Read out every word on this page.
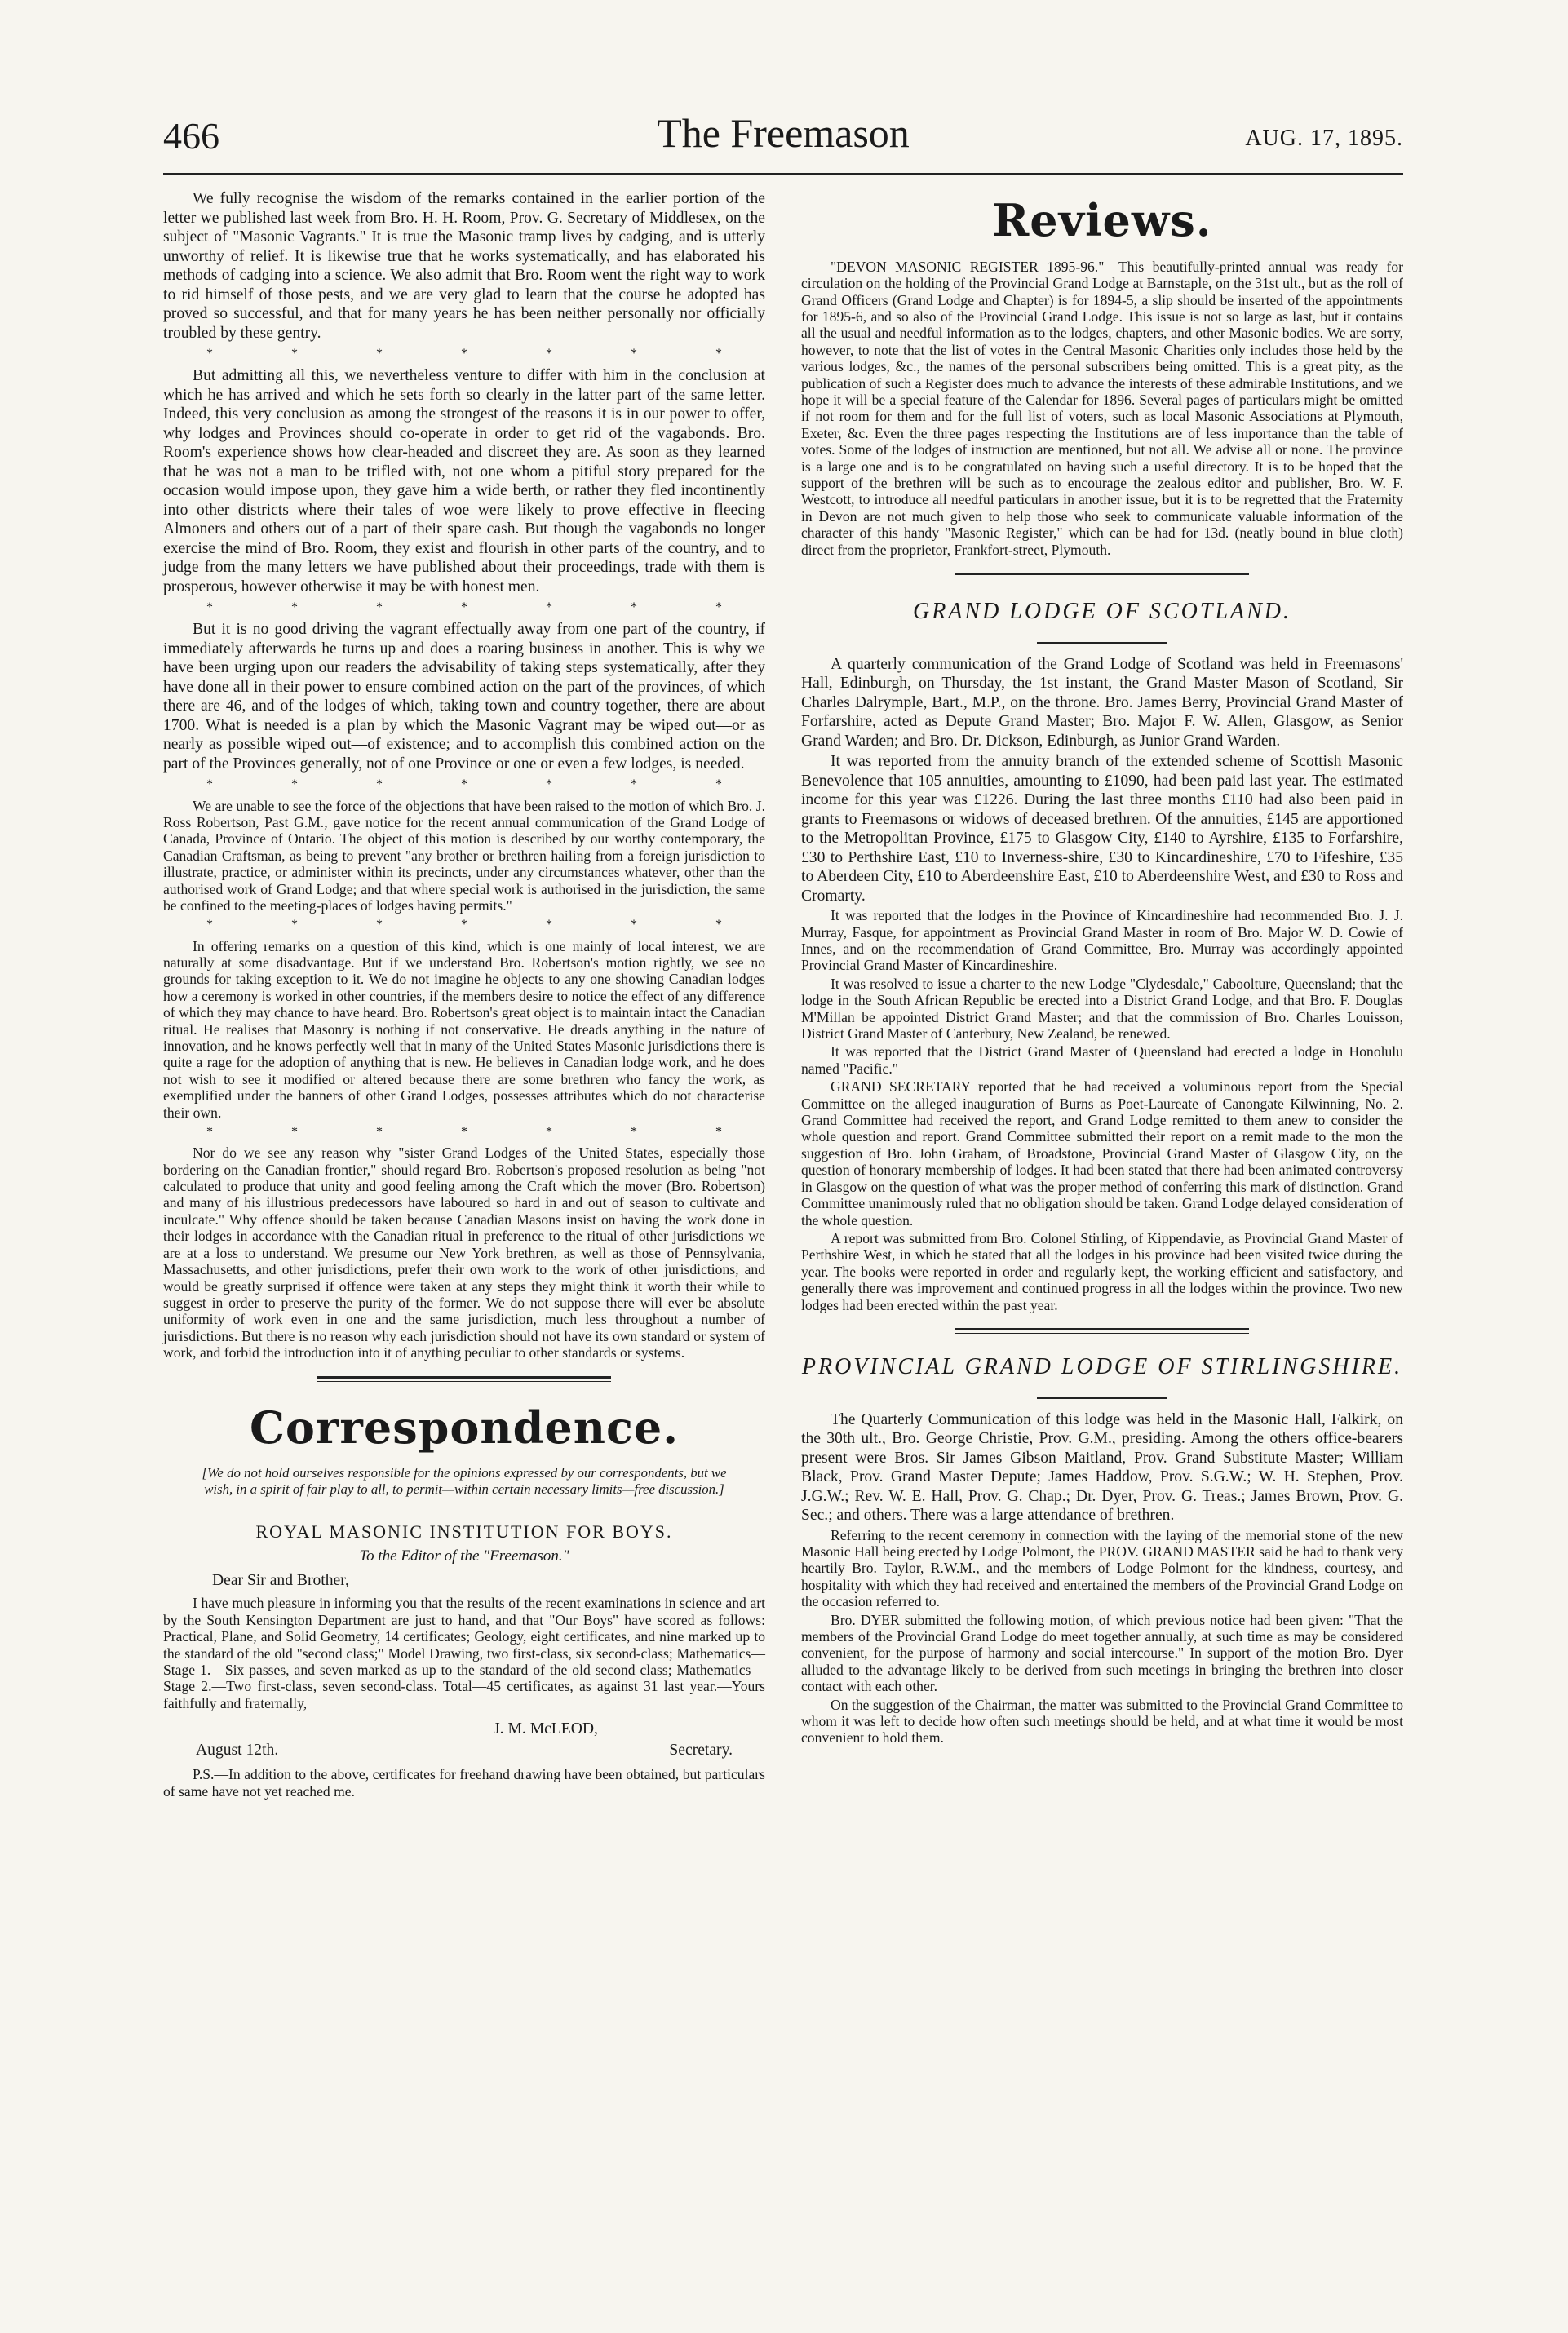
466	The Freemason	AUG. 17, 1895.

We fully recognise the wisdom of the remarks contained in the earlier portion of the letter we published last week from Bro. H. H. Room, Prov. G. Secretary of Middlesex, on the subject of "Masonic Vagrants." It is true the Masonic tramp lives by cadging, and is utterly unworthy of relief. It is likewise true that he works systematically, and has elaborated his methods of cadging into a science. We also admit that Bro. Room went the right way to work to rid himself of those pests, and we are very glad to learn that the course he adopted has proved so successful, and that for many years he has been neither personally nor officially troubled by these gentry.

* * * * * * *

But admitting all this, we nevertheless venture to differ with him in the conclusion at which he has arrived and which he sets forth so clearly in the latter part of the same letter. Indeed, this very conclusion as among the strongest of the reasons it is in our power to offer, why lodges and Provinces should co-operate in order to get rid of the vagabonds. Bro. Room's experience shows how clear-headed and discreet they are. As soon as they learned that he was not a man to be trifled with, not one whom a pitiful story prepared for the occasion would impose upon, they gave him a wide berth, or rather they fled incontinently into other districts where their tales of woe were likely to prove effective in fleecing Almoners and others out of a part of their spare cash. But though the vagabonds no longer exercise the mind of Bro. Room, they exist and flourish in other parts of the country, and to judge from the many letters we have published about their proceedings, trade with them is prosperous, however otherwise it may be with honest men.

* * * * * * *

But it is no good driving the vagrant effectually away from one part of the country, if immediately afterwards he turns up and does a roaring business in another. This is why we have been urging upon our readers the advisability of taking steps systematically, after they have done all in their power to ensure combined action on the part of the provinces, of which there are 46, and of the lodges of which, taking town and country together, there are about 1700. What is needed is a plan by which the Masonic Vagrant may be wiped out—or as nearly as possible wiped out—of existence; and to accomplish this combined action on the part of the Provinces generally, not of one Province or one or even a few lodges, is needed.

* * * * * * *

We are unable to see the force of the objections that have been raised to the motion of which Bro. J. Ross Robertson, Past G.M., gave notice for the recent annual communication of the Grand Lodge of Canada, Province of Ontario. The object of this motion is described by our worthy contemporary, the Canadian Craftsman, as being to prevent "any brother or brethren hailing from a foreign jurisdiction to illustrate, practice, or administer within its precincts, under any circumstances whatever, other than the authorised work of Grand Lodge; and that where special work is authorised in the jurisdiction, the same be confined to the meeting-places of lodges having permits."

* * * * * * *

In offering remarks on a question of this kind, which is one mainly of local interest, we are naturally at some disadvantage. But if we understand Bro. Robertson's motion rightly, we see no grounds for taking exception to it. We do not imagine he objects to any one showing Canadian lodges how a ceremony is worked in other countries, if the members desire to notice the effect of any difference of which they may chance to have heard. Bro. Robertson's great object is to maintain intact the Canadian ritual. He realises that Masonry is nothing if not conservative. He dreads anything in the nature of innovation, and he knows perfectly well that in many of the United States Masonic jurisdictions there is quite a rage for the adoption of anything that is new. He believes in Canadian lodge work, and he does not wish to see it modified or altered because there are some brethren who fancy the work, as exemplified under the banners of other Grand Lodges, possesses attributes which do not characterise their own.

* * * * * * *

Nor do we see any reason why "sister Grand Lodges of the United States, especially those bordering on the Canadian frontier," should regard Bro. Robertson's proposed resolution as being "not calculated to produce that unity and good feeling among the Craft which the mover (Bro. Robertson) and many of his illustrious predecessors have laboured so hard in and out of season to cultivate and inculcate." Why offence should be taken because Canadian Masons insist on having the work done in their lodges in accordance with the Canadian ritual in preference to the ritual of other jurisdictions we are at a loss to understand. We presume our New York brethren, as well as those of Pennsylvania, Massachusetts, and other jurisdictions, prefer their own work to the work of other jurisdictions, and would be greatly surprised if offence were taken at any steps they might think it worth their while to suggest in order to preserve the purity of the former. We do not suppose there will ever be absolute uniformity of work even in one and the same jurisdiction, much less throughout a number of jurisdictions. But there is no reason why each jurisdiction should not have its own standard or system of work, and forbid the introduction into it of anything peculiar to other standards or systems.

Correspondence.
[We do not hold ourselves responsible for the opinions expressed by our correspondents, but we wish, in a spirit of fair play to all, to permit—within certain necessary limits—free discussion.]
ROYAL MASONIC INSTITUTION FOR BOYS.
To the Editor of the "Freemason."
Dear Sir and Brother,

I have much pleasure in informing you that the results of the recent examinations in science and art by the South Kensington Department are just to hand, and that "Our Boys" have scored as follows: Practical, Plane, and Solid Geometry, 14 certificates; Geology, eight certificates, and nine marked up to the standard of the old "second class;" Model Drawing, two first-class, six second-class; Mathematics—Stage 1.—Six passes, and seven marked as up to the standard of the old second class; Mathematics—Stage 2.—Two first-class, seven second-class. Total—45 certificates, as against 31 last year.—Yours faithfully and fraternally,

J. M. McLEOD,
August 12th.	Secretary.

P.S.—In addition to the above, certificates for freehand drawing have been obtained, but particulars of same have not yet reached me.

Reviews.

"DEVON MASONIC REGISTER 1895-96."—This beautifully-printed annual was ready for circulation on the holding of the Provincial Grand Lodge at Barnstaple, on the 31st ult., but as the roll of Grand Officers (Grand Lodge and Chapter) is for 1894-5, a slip should be inserted of the appointments for 1895-6, and so also of the Provincial Grand Lodge. This issue is not so large as last, but it contains all the usual and needful information as to the lodges, chapters, and other Masonic bodies. We are sorry, however, to note that the list of votes in the Central Masonic Charities only includes those held by the various lodges, &c., the names of the personal subscribers being omitted. This is a great pity, as the publication of such a Register does much to advance the interests of these admirable Institutions, and we hope it will be a special feature of the Calendar for 1896. Several pages of particulars might be omitted if not room for them and for the full list of voters, such as local Masonic Associations at Plymouth, Exeter, &c. Even the three pages respecting the Institutions are of less importance than the table of votes. Some of the lodges of instruction are mentioned, but not all. We advise all or none. The province is a large one and is to be congratulated on having such a useful directory. It is to be hoped that the support of the brethren will be such as to encourage the zealous editor and publisher, Bro. W. F. Westcott, to introduce all needful particulars in another issue, but it is to be regretted that the Fraternity in Devon are not much given to help those who seek to communicate valuable information of the character of this handy "Masonic Register," which can be had for 13d. (neatly bound in blue cloth) direct from the proprietor, Frankfort-street, Plymouth.

GRAND LODGE OF SCOTLAND.

A quarterly communication of the Grand Lodge of Scotland was held in Freemasons' Hall, Edinburgh, on Thursday, the 1st instant, the Grand Master Mason of Scotland, Sir Charles Dalrymple, Bart., M.P., on the throne. Bro. James Berry, Provincial Grand Master of Forfarshire, acted as Depute Grand Master; Bro. Major F. W. Allen, Glasgow, as Senior Grand Warden; and Bro. Dr. Dickson, Edinburgh, as Junior Grand Warden.

It was reported from the annuity branch of the extended scheme of Scottish Masonic Benevolence that 105 annuities, amounting to £1090, had been paid last year. The estimated income for this year was £1226. During the last three months £110 had also been paid in grants to Freemasons or widows of deceased brethren. Of the annuities, £145 are apportioned to the Metropolitan Province, £175 to Glasgow City, £140 to Ayrshire, £135 to Forfarshire, £30 to Perthshire East, £10 to Inverness-shire, £30 to Kincardineshire, £70 to Fifeshire, £35 to Aberdeen City, £10 to Aberdeenshire East, £10 to Aberdeenshire West, and £30 to Ross and Cromarty.

It was reported that the lodges in the Province of Kincardineshire had recommended Bro. J. J. Murray, Fasque, for appointment as Provincial Grand Master in room of Bro. Major W. D. Cowie of Innes, and on the recommendation of Grand Committee, Bro. Murray was accordingly appointed Provincial Grand Master of Kincardineshire.

It was resolved to issue a charter to the new Lodge "Clydesdale," Caboolture, Queensland; that the lodge in the South African Republic be erected into a District Grand Lodge, and that Bro. F. Douglas M'Millan be appointed District Grand Master; and that the commission of Bro. Charles Louisson, District Grand Master of Canterbury, New Zealand, be renewed.

It was reported that the District Grand Master of Queensland had erected a lodge in Honolulu named "Pacific."

GRAND SECRETARY reported that he had received a voluminous report from the Special Committee on the alleged inauguration of Burns as Poet-Laureate of Canongate Kilwinning, No. 2. Grand Committee had received the report, and Grand Lodge remitted to them anew to consider the whole question and report. Grand Committee submitted their report on a remit made to the mon the suggestion of Bro. John Graham, of Broadstone, Provincial Grand Master of Glasgow City, on the question of honorary membership of lodges. It had been stated that there had been animated controversy in Glasgow on the question of what was the proper method of conferring this mark of distinction. Grand Committee unanimously ruled that no obligation should be taken. Grand Lodge delayed consideration of the whole question.

A report was submitted from Bro. Colonel Stirling, of Kippendavie, as Provincial Grand Master of Perthshire West, in which he stated that all the lodges in his province had been visited twice during the year. The books were reported in order and regularly kept, the working efficient and satisfactory, and generally there was improvement and continued progress in all the lodges within the province. Two new lodges had been erected within the past year.

PROVINCIAL GRAND LODGE OF STIRLINGSHIRE.

The Quarterly Communication of this lodge was held in the Masonic Hall, Falkirk, on the 30th ult., Bro. George Christie, Prov. G.M., presiding. Among the others office-bearers present were Bros. Sir James Gibson Maitland, Prov. Grand Substitute Master; William Black, Prov. Grand Master Depute; James Haddow, Prov. S.G.W.; W. H. Stephen, Prov. J.G.W.; Rev. W. E. Hall, Prov. G. Chap.; Dr. Dyer, Prov. G. Treas.; James Brown, Prov. G. Sec.; and others. There was a large attendance of brethren.

Referring to the recent ceremony in connection with the laying of the memorial stone of the new Masonic Hall being erected by Lodge Polmont, the PROV. GRAND MASTER said he had to thank very heartily Bro. Taylor, R.W.M., and the members of Lodge Polmont for the kindness, courtesy, and hospitality with which they had received and entertained the members of the Provincial Grand Lodge on the occasion referred to.

Bro. DYER submitted the following motion, of which previous notice had been given: "That the members of the Provincial Grand Lodge do meet together annually, at such time as may be considered convenient, for the purpose of harmony and social intercourse." In support of the motion Bro. Dyer alluded to the advantage likely to be derived from such meetings in bringing the brethren into closer contact with each other.

On the suggestion of the Chairman, the matter was submitted to the Provincial Grand Committee to whom it was left to decide how often such meetings should be held, and at what time it would be most convenient to hold them.
